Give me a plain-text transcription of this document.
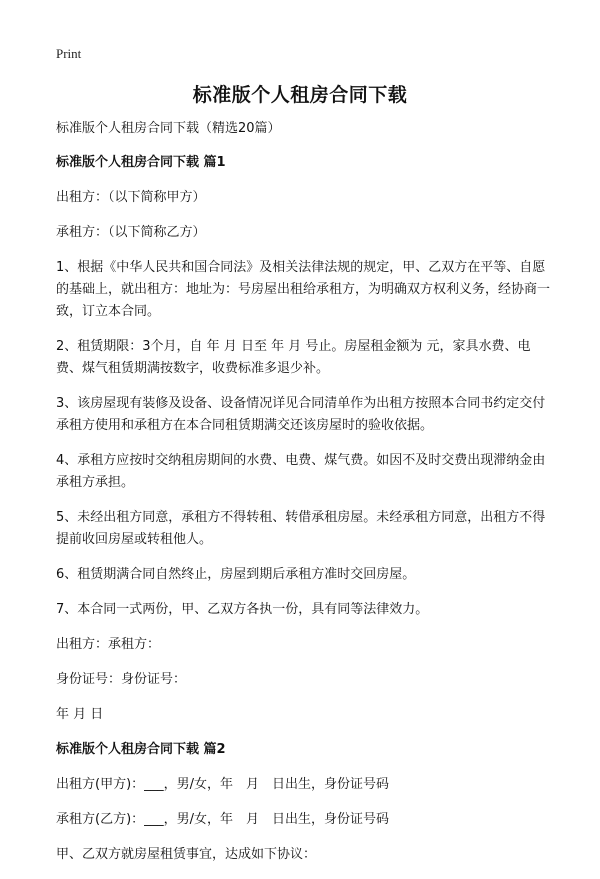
Print
标准版个人租房合同下载

标准版个人租房合同下载（精选20篇）

标准版个人租房合同下载 篇1

出租方：（以下简称甲方）

承租方：（以下简称乙方）

1、根据《中华人民共和国合同法》及相关法律法规的规定，甲、乙双方在平等、自愿的基础上，就出租方：地址为：号房屋出租给承租方，为明确双方权利义务，经协商一致，订立本合同。

2、租赁期限：3个月，自 年 月 日至 年 月 号止。房屋租金额为 元，家具水费、电费、煤气租赁期满按数字，收费标准多退少补。

3、该房屋现有装修及设备、设备情况详见合同清单作为出租方按照本合同书约定交付承租方使用和承租方在本合同租赁期满交还该房屋时的验收依据。

4、承租方应按时交纳租房期间的水费、电费、煤气费。如因不及时交费出现滞纳金由承租方承担。

5、未经出租方同意，承租方不得转租、转借承租房屋。未经承租方同意，出租方不得提前收回房屋或转租他人。

6、租赁期满合同自然终止，房屋到期后承租方准时交回房屋。

7、本合同一式两份，甲、乙双方各执一份，具有同等法律效力。

出租方：承租方：

身份证号：身份证号：

年 月 日

标准版个人租房合同下载 篇2

出租方(甲方)：___，男/女，年　月　日出生，身份证号码

承租方(乙方)：___，男/女，年　月　日出生，身份证号码

甲、乙双方就房屋租赁事宜，达成如下协议：
